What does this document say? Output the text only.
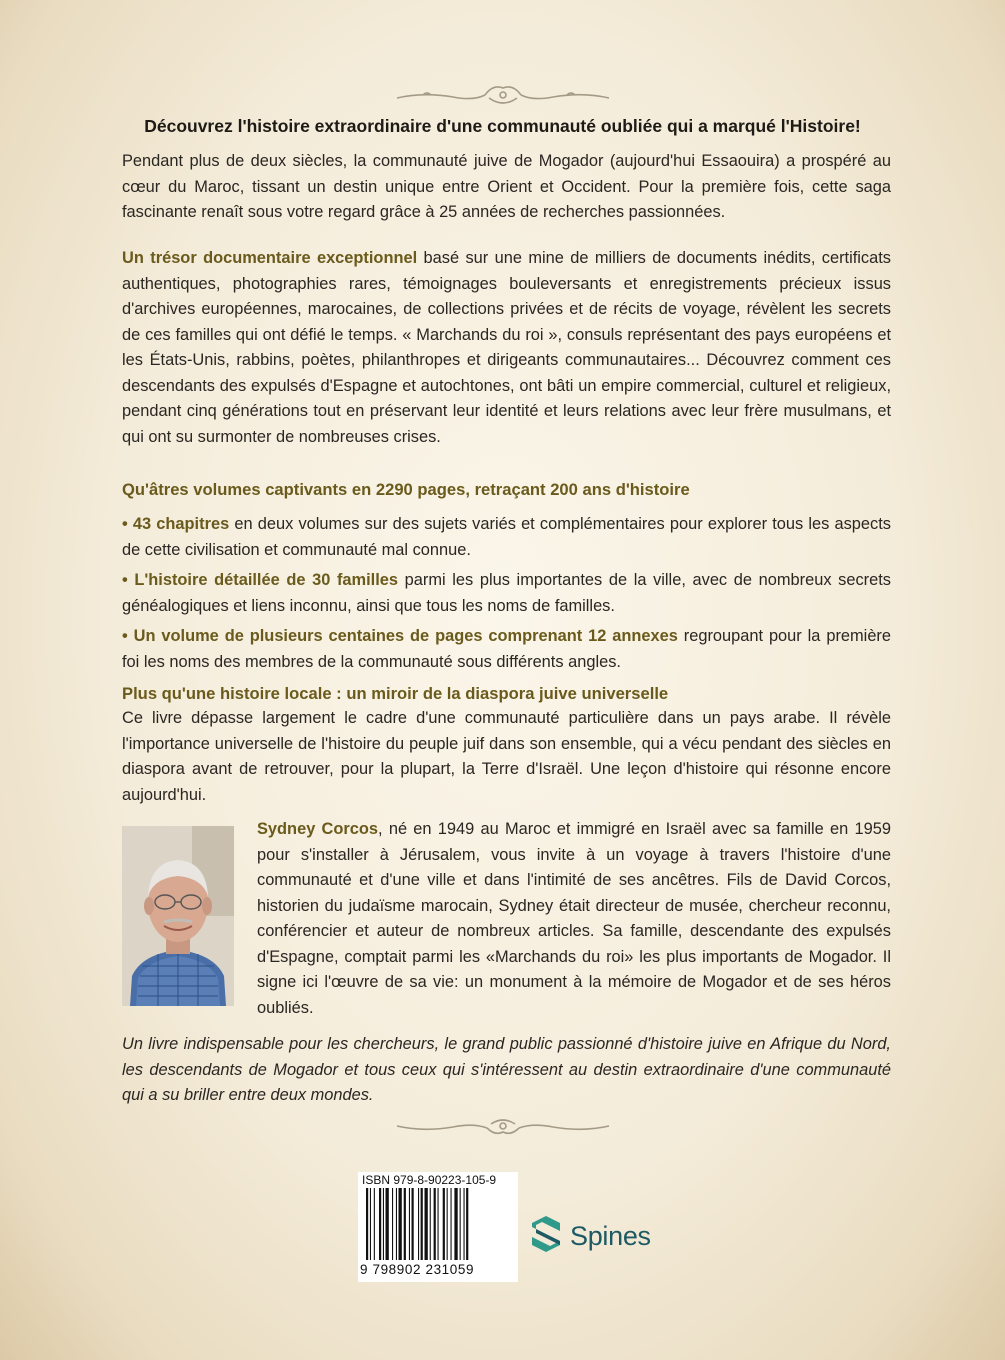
Découvrez l'histoire extraordinaire d'une communauté oubliée qui a marqué l'Histoire!

Pendant plus de deux siècles, la communauté juive de Mogador (aujourd'hui Essaouira) a prospéré au cœur du Maroc, tissant un destin unique entre Orient et Occident. Pour la première fois, cette saga fascinante renaît sous votre regard grâce à 25 années de recherches passionnées.

Un trésor documentaire exceptionnel basé sur une mine de milliers de documents inédits, certificats authentiques, photographies rares, témoignages bouleversants et enregistrements précieux issus d'archives européennes, marocaines, de collections privées et de récits de voyage, révèlent les secrets de ces familles qui ont défié le temps. « Marchands du roi », consuls représentant des pays européens et les États-Unis, rabbins, poètes, philanthropes et dirigeants communautaires... Découvrez comment ces descendants des expulsés d'Espagne et autochtones, ont bâti un empire commercial, culturel et religieux, pendant cinq générations tout en préservant leur identité et leurs relations avec leur frère musulmans, et qui ont su surmonter de nombreuses crises.

Qu'âtres volumes captivants en 2290 pages, retraçant 200 ans d'histoire

• 43 chapitres en deux volumes sur des sujets variés et complémentaires pour explorer tous les aspects de cette civilisation et communauté mal connue.

• L'histoire détaillée de 30 familles parmi les plus importantes de la ville, avec de nombreux secrets généalogiques et liens inconnu, ainsi que tous les noms de familles.

• Un volume de plusieurs centaines de pages comprenant 12 annexes regroupant pour la première foi les noms des membres de la communauté sous différents angles.

Plus qu'une histoire locale : un miroir de la diaspora juive universelle

Ce livre dépasse largement le cadre d'une communauté particulière dans un pays arabe. Il révèle l'importance universelle de l'histoire du peuple juif dans son ensemble, qui a vécu pendant des siècles en diaspora avant de retrouver, pour la plupart, la Terre d'Israël. Une leçon d'histoire qui résonne encore aujourd'hui.

Sydney Corcos, né en 1949 au Maroc et immigré en Israël avec sa famille en 1959 pour s'installer à Jérusalem, vous invite à un voyage à travers l'histoire d'une communauté et d'une ville et dans l'intimité de ses ancêtres. Fils de David Corcos, historien du judaïsme marocain, Sydney était directeur de musée, chercheur reconnu, conférencier et auteur de nombreux articles. Sa famille, descendante des expulsés d'Espagne, comptait parmi les «Marchands du roi» les plus importants de Mogador. Il signe ici l'œuvre de sa vie: un monument à la mémoire de Mogador et de ses héros oubliés.

Un livre indispensable pour les chercheurs, le grand public passionné d'histoire juive en Afrique du Nord, les descendants de Mogador et tous ceux qui s'intéressent au destin extraordinaire d'une communauté qui a su briller entre deux mondes.

ISBN 979-8-90223-105-9
9 798902 231059
Spines
